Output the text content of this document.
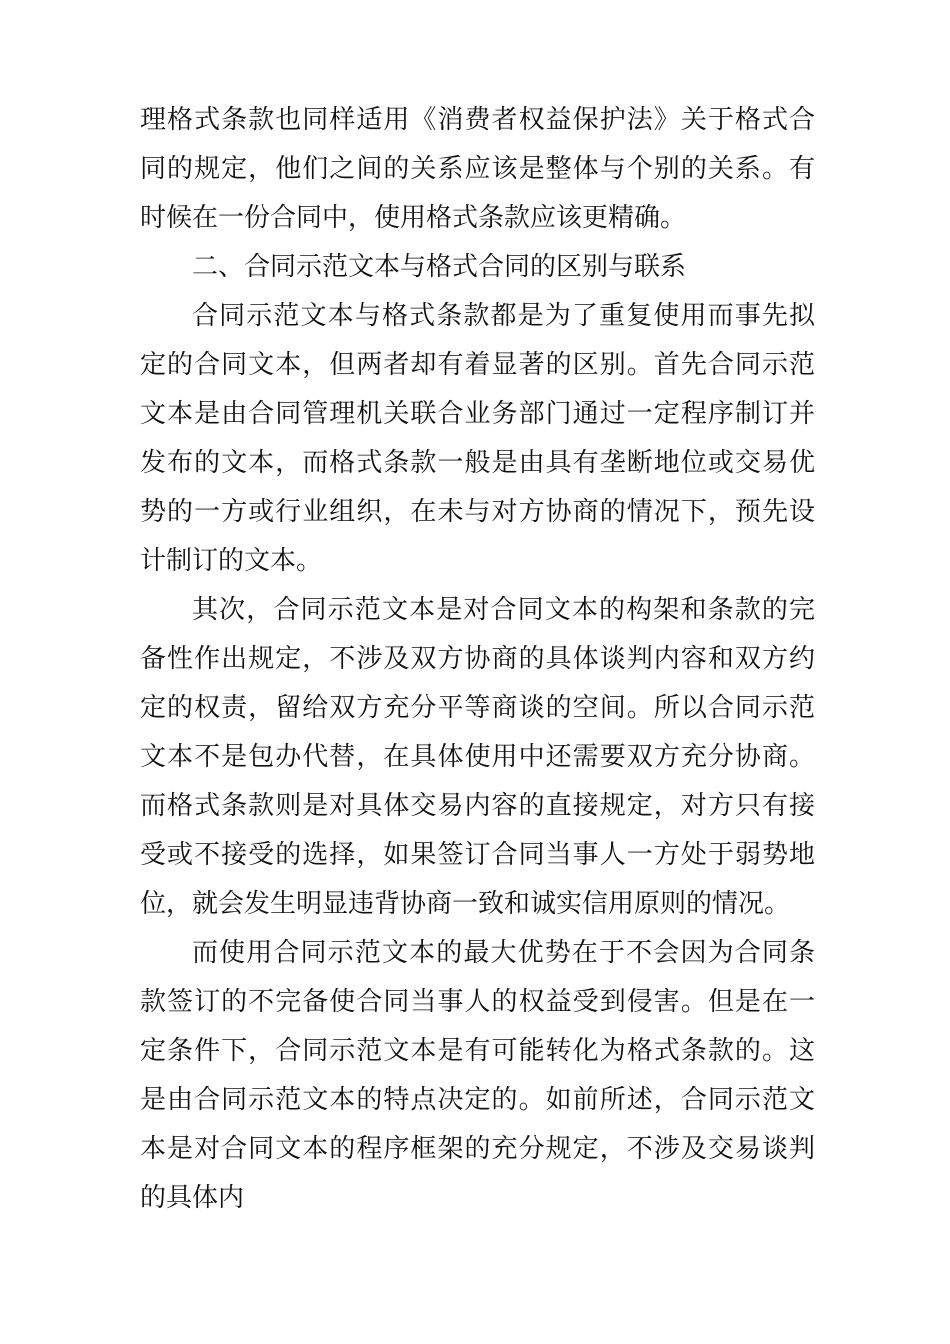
理格式条款也同样适用《消费者权益保护法》关于格式合同的规定，他们之间的关系应该是整体与个别的关系。有时候在一份合同中，使用格式条款应该更精确。

二、合同示范文本与格式合同的区别与联系

合同示范文本与格式条款都是为了重复使用而事先拟定的合同文本，但两者却有着显著的区别。首先合同示范文本是由合同管理机关联合业务部门通过一定程序制订并发布的文本，而格式条款一般是由具有垄断地位或交易优势的一方或行业组织，在未与对方协商的情况下，预先设计制订的文本。

其次，合同示范文本是对合同文本的构架和条款的完备性作出规定，不涉及双方协商的具体谈判内容和双方约定的权责，留给双方充分平等商谈的空间。所以合同示范文本不是包办代替，在具体使用中还需要双方充分协商。而格式条款则是对具体交易内容的直接规定，对方只有接受或不接受的选择，如果签订合同当事人一方处于弱势地位，就会发生明显违背协商一致和诚实信用原则的情况。

而使用合同示范文本的最大优势在于不会因为合同条款签订的不完备使合同当事人的权益受到侵害。但是在一定条件下，合同示范文本是有可能转化为格式条款的。这是由合同示范文本的特点决定的。如前所述，合同示范文本是对合同文本的程序框架的充分规定，不涉及交易谈判的具体内
